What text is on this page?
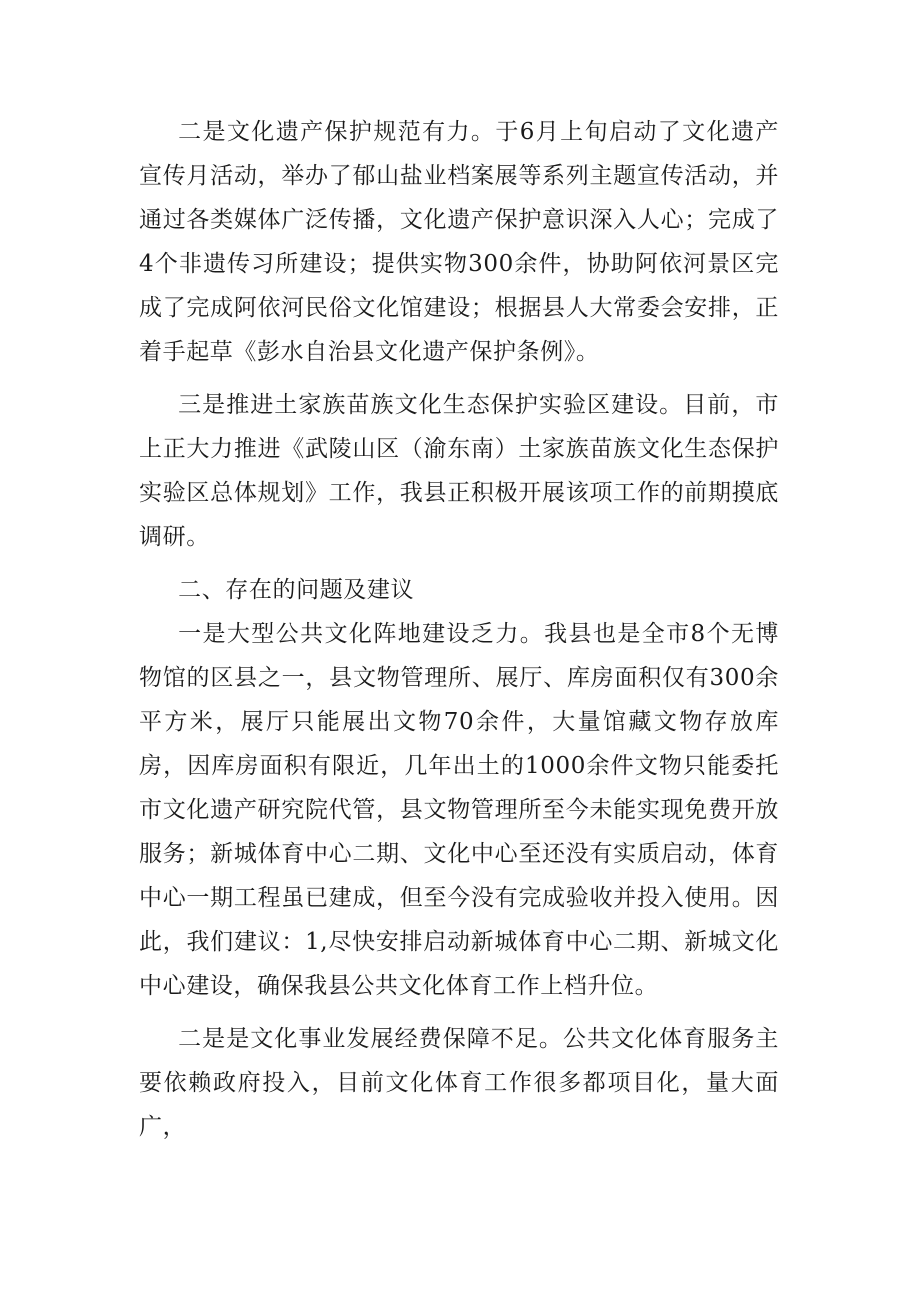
二是文化遗产保护规范有力。于6月上旬启动了文化遗产宣传月活动，举办了郁山盐业档案展等系列主题宣传活动，并通过各类媒体广泛传播，文化遗产保护意识深入人心；完成了4个非遗传习所建设；提供实物300余件，协助阿依河景区完成了完成阿依河民俗文化馆建设；根据县人大常委会安排，正着手起草《彭水自治县文化遗产保护条例》。

三是推进土家族苗族文化生态保护实验区建设。目前，市上正大力推进《武陵山区（渝东南）土家族苗族文化生态保护实验区总体规划》工作，我县正积极开展该项工作的前期摸底调研。

二、存在的问题及建议

一是大型公共文化阵地建设乏力。我县也是全市8个无博物馆的区县之一，县文物管理所、展厅、库房面积仅有300余平方米，展厅只能展出文物70余件，大量馆藏文物存放库房，因库房面积有限近，几年出土的1000余件文物只能委托市文化遗产研究院代管，县文物管理所至今未能实现免费开放服务；新城体育中心二期、文化中心至还没有实质启动，体育中心一期工程虽已建成，但至今没有完成验收并投入使用。因此，我们建议：1,尽快安排启动新城体育中心二期、新城文化中心建设，确保我县公共文化体育工作上档升位。

二是是文化事业发展经费保障不足。公共文化体育服务主要依赖政府投入，目前文化体育工作很多都项目化，量大面广，
